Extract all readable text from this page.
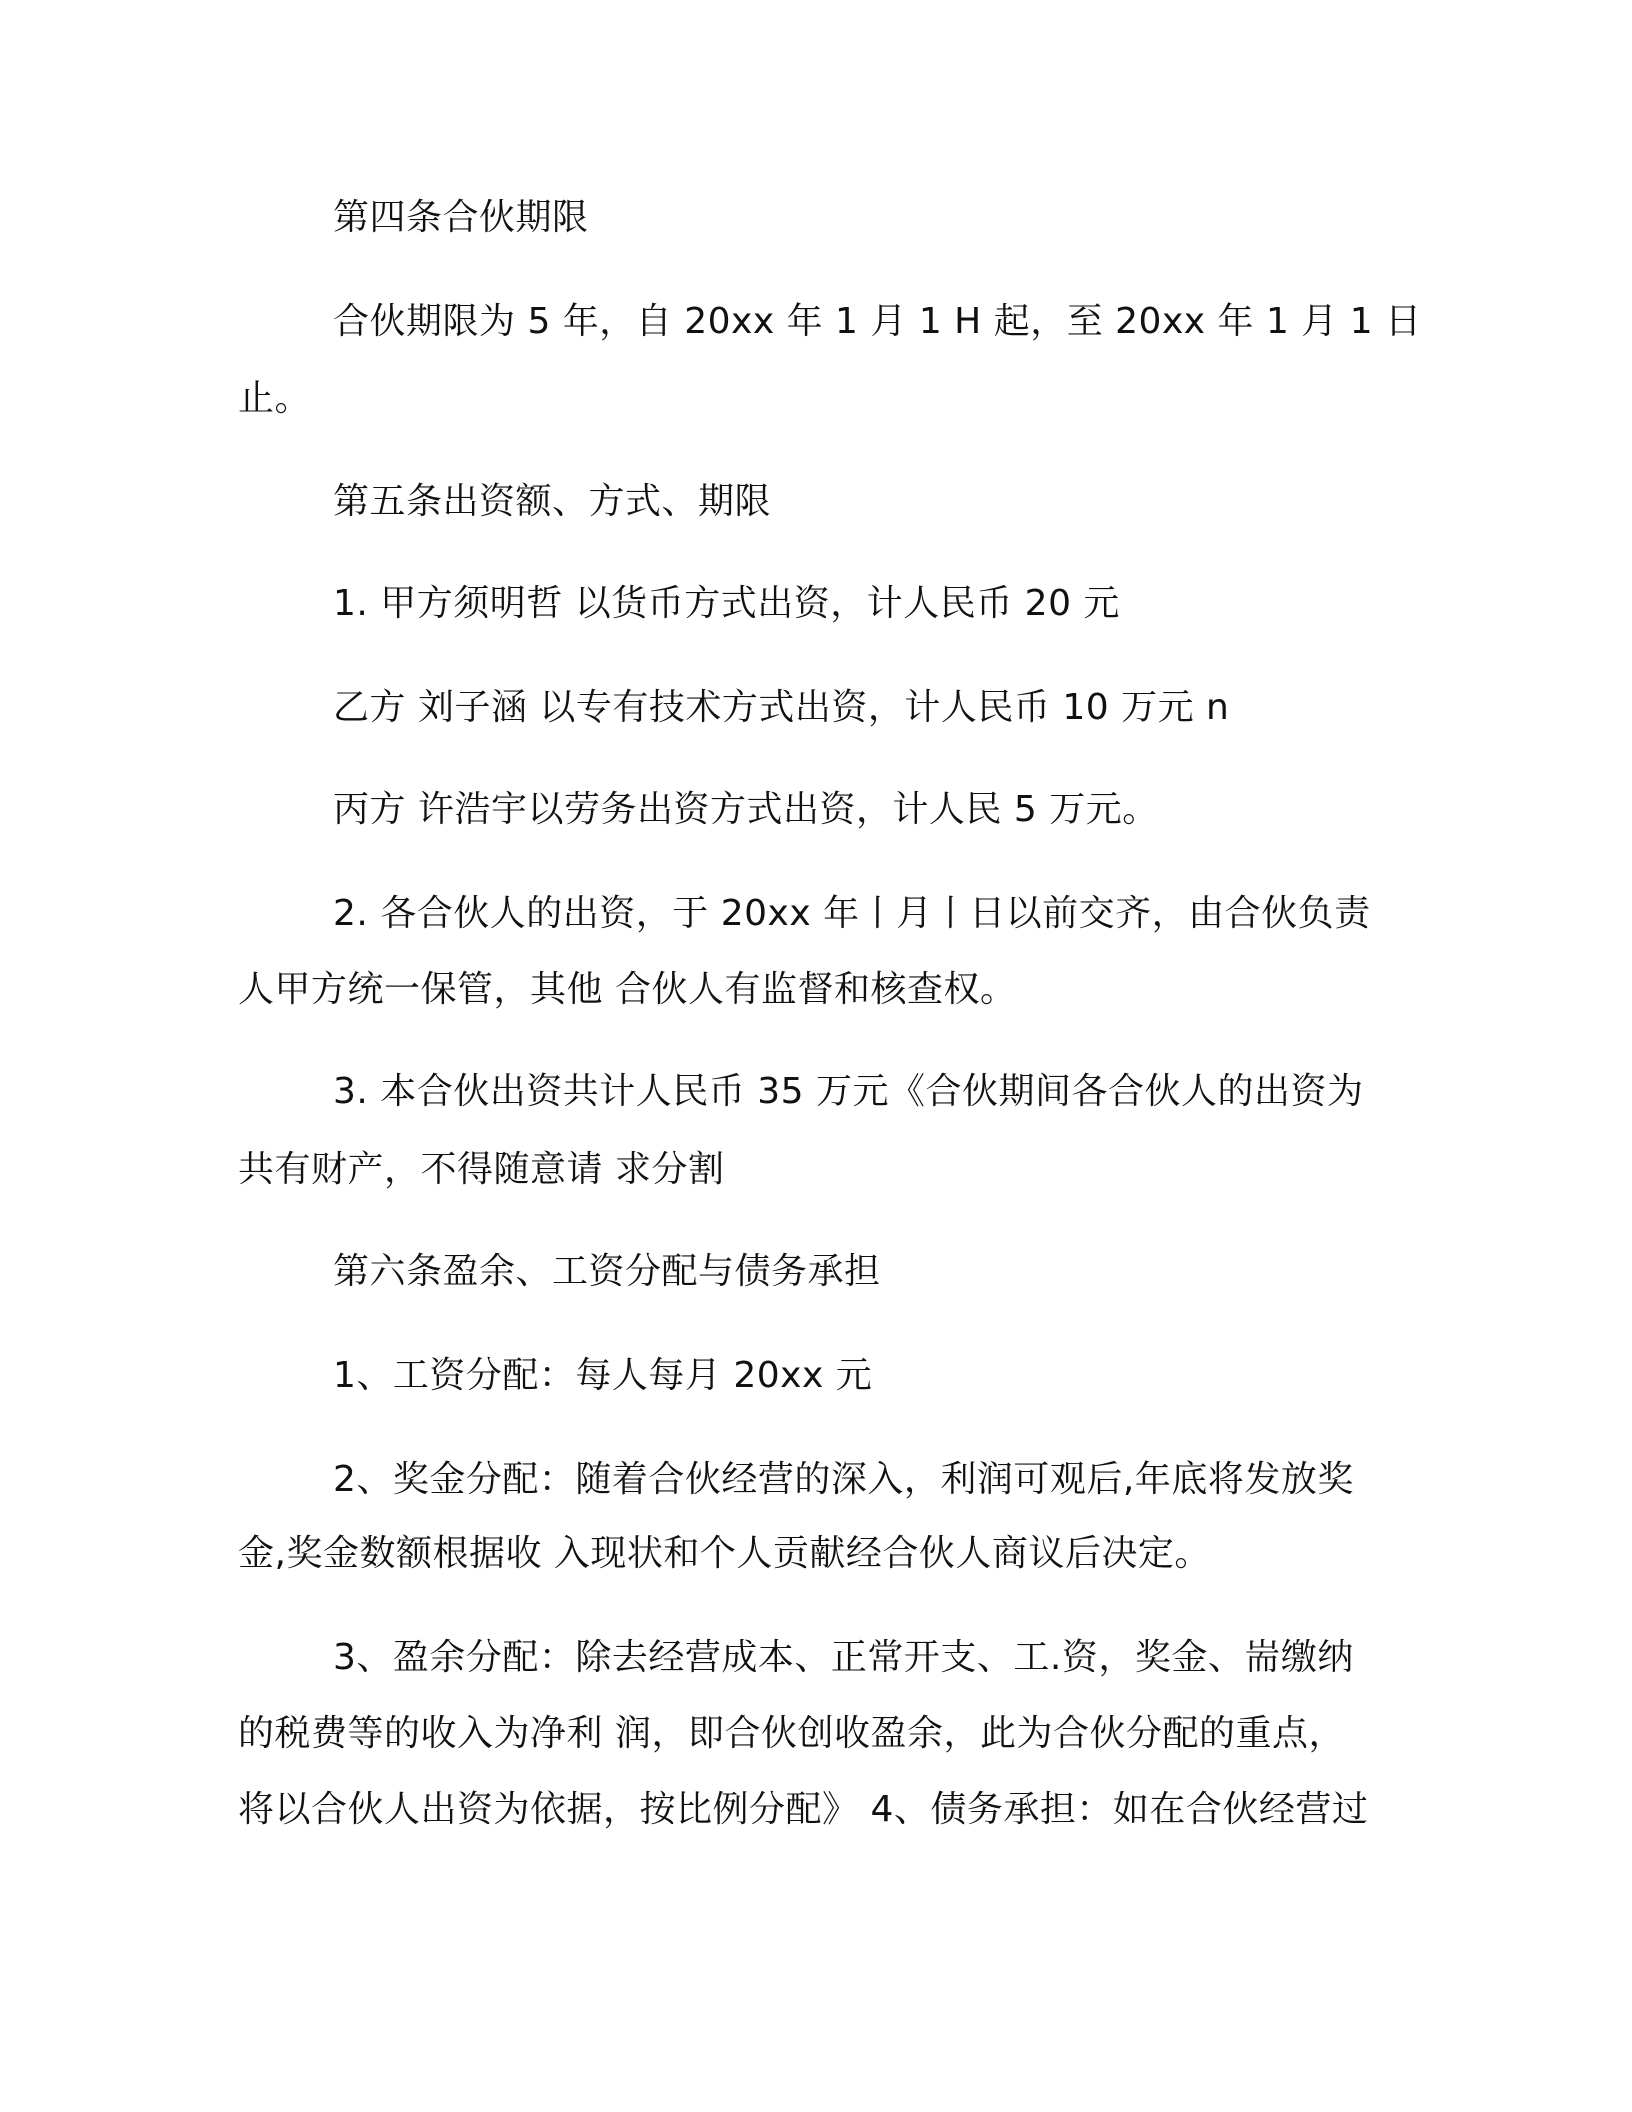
第四条合伙期限
合伙期限为 5 年，自 20xx 年 1 月 1 H 起，至 20xx 年 1 月 1 日
止。
第五条出资额、方式、期限
1. 甲方须明哲 以货币方式出资，计人民币 20 元
乙方 刘子涵 以专有技术方式出资，计人民币 10 万元 n
丙方 许浩宇以劳务出资方式出资，计人民 5 万元。
2. 各合伙人的出资，于 20xx 年丨月丨日以前交齐，由合伙负责
人甲方统一保管，其他 合伙人有监督和核查权。
3. 本合伙出资共计人民币 35 万元《合伙期间各合伙人的出资为
共有财产，不得随意请 求分割
第六条盈余、工资分配与债务承担
1、工资分配：每人每月 20xx 元
2、奖金分配：随着合伙经营的深入，利润可观后,年底将发放奖
金,奖金数额根据收 入现状和个人贡献经合伙人商议后决定。
3、盈余分配：除去经营成本、正常开支、工.资，奖金、耑缴纳
的税费等的收入为净利 润，即合伙创收盈余，此为合伙分配的重点，
将以合伙人出资为依据，按比例分配》 4、债务承担：如在合伙经营过
